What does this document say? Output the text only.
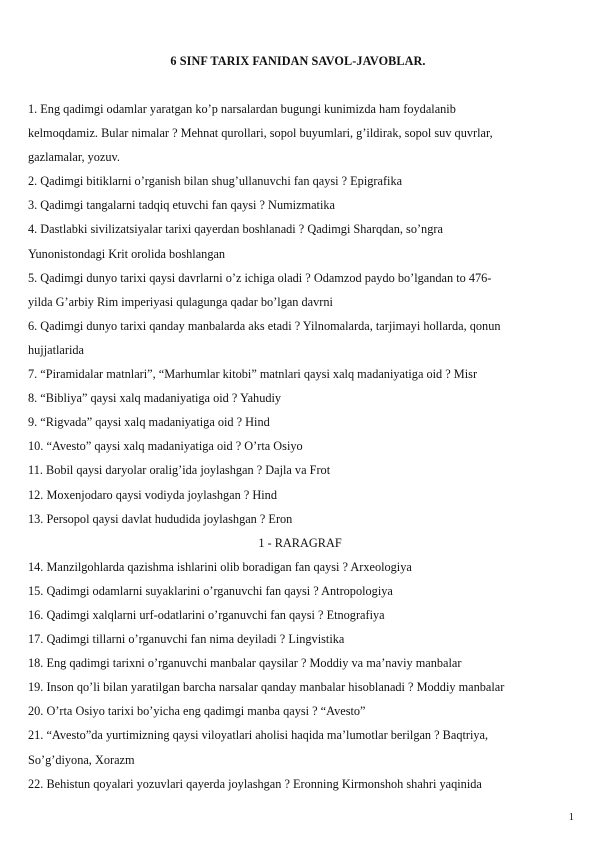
6 SINF TARIX FANIDAN SAVOL-JAVOBLAR.
1. Eng qadimgi odamlar yaratgan ko’p narsalardan bugungi kunimizda ham foydalanib
kelmoqdamiz. Bular nimalar ? Mehnat qurollari, sopol buyumlari, g’ildirak, sopol suv quvrlar,
gazlamalar, yozuv.
2. Qadimgi bitiklarni o’rganish bilan shug’ullanuvchi fan qaysi ? Epigrafika
3. Qadimgi tangalarni tadqiq etuvchi fan qaysi ? Numizmatika
4. Dastlabki sivilizatsiyalar tarixi qayerdan boshlanadi ? Qadimgi Sharqdan, so’ngra
Yunonistondagi Krit orolida boshlangan
5. Qadimgi dunyo tarixi qaysi davrlarni o’z ichiga oladi ? Odamzod paydo bo’lgandan to 476-
yilda G’arbiy Rim imperiyasi qulagunga qadar bo’lgan davrni
6. Qadimgi dunyo tarixi qanday manbalarda aks etadi ? Yilnomalarda, tarjimayi hollarda, qonun
hujjatlarida
7. “Piramidalar matnlari”, “Marhumlar kitobi” matnlari qaysi xalq madaniyatiga oid ? Misr
8. “Bibliya” qaysi xalq madaniyatiga oid ? Yahudiy
9. “Rigvada” qaysi xalq madaniyatiga oid ? Hind
10. “Avesto” qaysi xalq madaniyatiga oid ? O’rta Osiyo
11. Bobil qaysi daryolar oralig’ida joylashgan ? Dajla va Frot
12. Moxenjodaro qaysi vodiyda joylashgan ? Hind
13. Persopol qaysi davlat hududida joylashgan ? Eron
1 - RARAGRAF
14. Manzilgohlarda qazishma ishlarini olib boradigan fan qaysi ? Arxeologiya
15. Qadimgi odamlarni suyaklarini o’rganuvchi fan qaysi ? Antropologiya
16. Qadimgi xalqlarni urf-odatlarini o’rganuvchi fan qaysi ? Etnografiya
17. Qadimgi tillarni o’rganuvchi fan nima deyiladi ? Lingvistika
18. Eng qadimgi tarixni o’rganuvchi manbalar qaysilar ? Moddiy va ma’naviy manbalar
19. Inson qo’li bilan yaratilgan barcha narsalar qanday manbalar hisoblanadi ? Moddiy manbalar
20. O’rta Osiyo tarixi bo’yicha eng qadimgi manba qaysi ? “Avesto”
21. “Avesto”da yurtimizning qaysi viloyatlari aholisi haqida ma’lumotlar berilgan ? Baqtriya,
So’g’diyona, Xorazm
22. Behistun qoyalari yozuvlari qayerda joylashgan ? Eronning Kirmonshoh shahri yaqinida
1
